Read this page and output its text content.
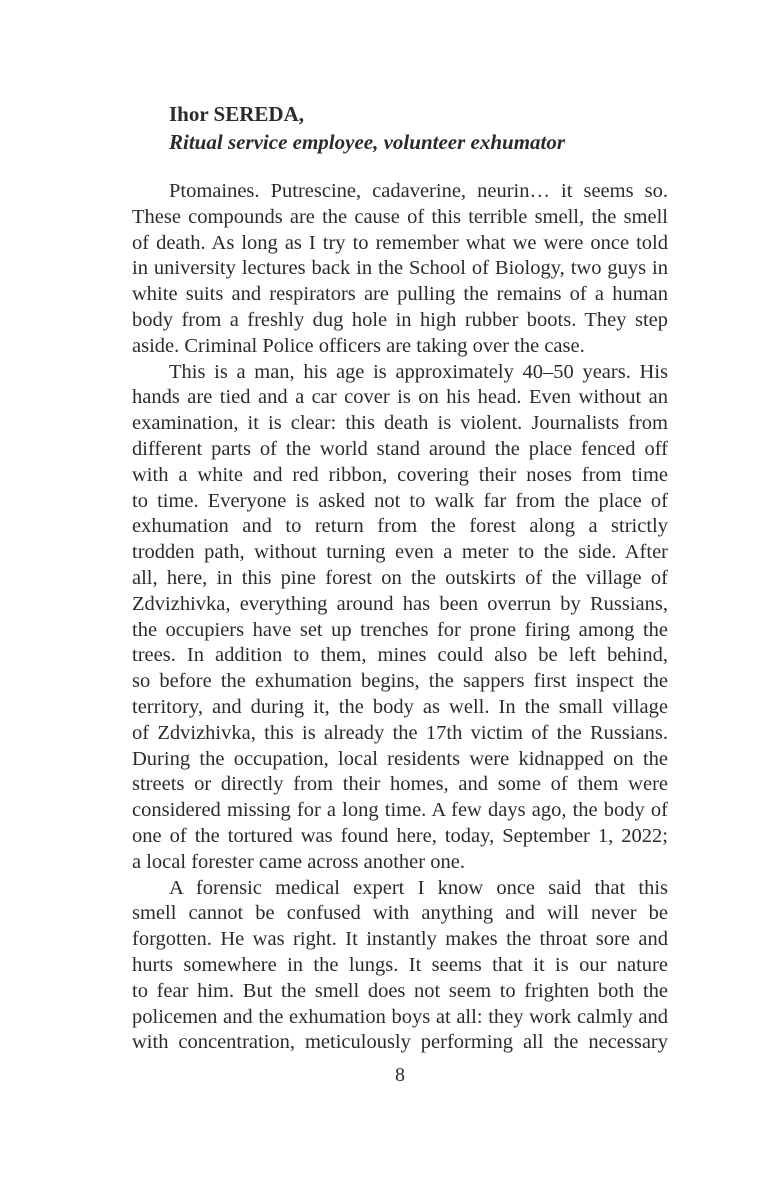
Ihor SEREDA,
Ritual service employee, volunteer exhumator
Ptomaines. Putrescine, cadaverine, neurin… it seems so.
These compounds are the cause of this terrible smell, the smell
of death. As long as I try to remember what we were once told
in university lectures back in the School of Biology, two guys in
white suits and respirators are pulling the remains of a human
body from a freshly dug hole in high rubber boots. They step
aside. Criminal Police officers are taking over the case.
This is a man, his age is approximately 40–50 years. His
hands are tied and a car cover is on his head. Even without an
examination, it is clear: this death is violent. Journalists from
different parts of the world stand around the place fenced off
with a white and red ribbon, covering their noses from time
to time. Everyone is asked not to walk far from the place of
exhumation and to return from the forest along a strictly
trodden path, without turning even a meter to the side. After
all, here, in this pine forest on the outskirts of the village of
Zdvizhivka, everything around has been overrun by Russians,
the occupiers have set up trenches for prone firing among the
trees. In addition to them, mines could also be left behind,
so before the exhumation begins, the sappers first inspect the
territory, and during it, the body as well. In the small village
of Zdvizhivka, this is already the 17th victim of the Russians.
During the occupation, local residents were kidnapped on the
streets or directly from their homes, and some of them were
considered missing for a long time. A few days ago, the body of
one of the tortured was found here, today, September 1, 2022;
a local forester came across another one.
A forensic medical expert I know once said that this
smell cannot be confused with anything and will never be
forgotten. He was right. It instantly makes the throat sore and
hurts somewhere in the lungs. It seems that it is our nature
to fear him. But the smell does not seem to frighten both the
policemen and the exhumation boys at all: they work calmly and
with concentration, meticulously performing all the necessary
8
